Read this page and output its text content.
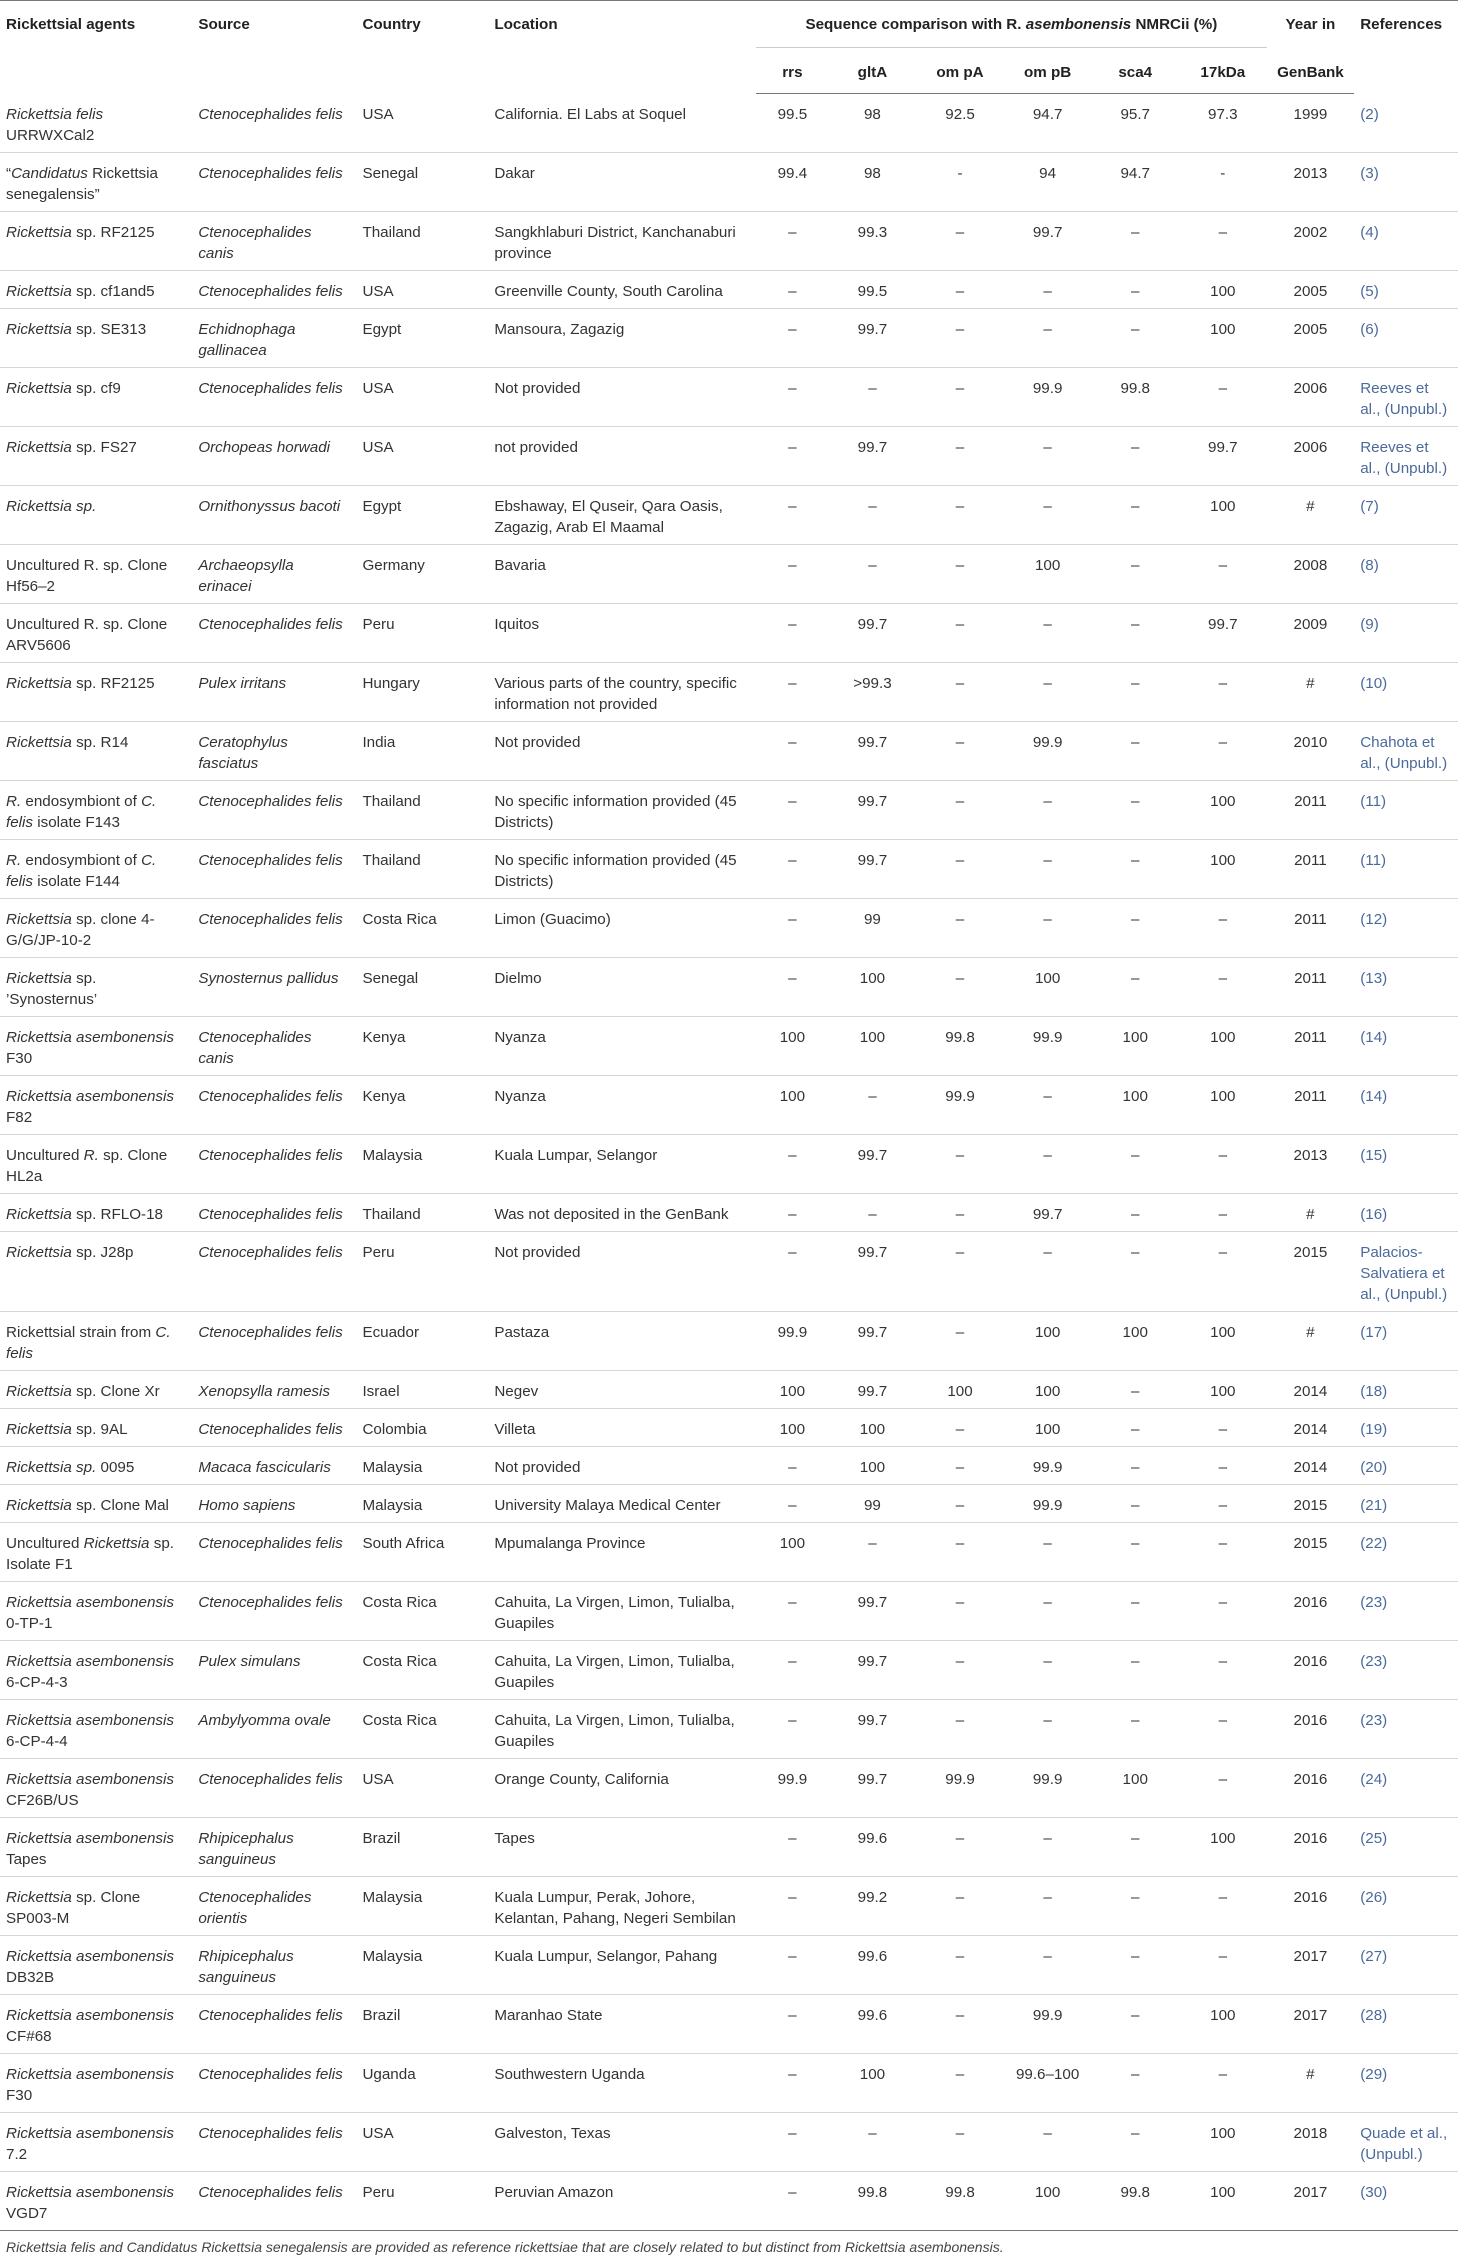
Rickettsial agents	Source	Country	Location	Sequence comparison with R. asembonensis NMRCii (%)						Year in	References
				rrs	gltA	om pA	om pB	sca4	17kDa	GenBank	
Rickettsia felis URRWXCal2	Ctenocephalides felis	USA	California. El Labs at Soquel	99.5	98	92.5	94.7	95.7	97.3	1999	(2)
“Candidatus Rickettsia senegalensis”	Ctenocephalides felis	Senegal	Dakar	99.4	98	-	94	94.7	-	2013	(3)
Rickettsia sp. RF2125	Ctenocephalides canis	Thailand	Sangkhlaburi District, Kanchanaburi province	–	99.3	–	99.7	–	–	2002	(4)
Rickettsia sp. cf1and5	Ctenocephalides felis	USA	Greenville County, South Carolina	–	99.5	–	–	–	100	2005	(5)
Rickettsia sp. SE313	Echidnophaga gallinacea	Egypt	Mansoura, Zagazig	–	99.7	–	–	–	100	2005	(6)
Rickettsia sp. cf9	Ctenocephalides felis	USA	Not provided	–	–	–	99.9	99.8	–	2006	Reeves et al., (Unpubl.)
Rickettsia sp. FS27	Orchopeas horwadi	USA	not provided	–	99.7	–	–	–	99.7	2006	Reeves et al., (Unpubl.)
Rickettsia sp.	Ornithonyssus bacoti	Egypt	Ebshaway, El Quseir, Qara Oasis, Zagazig, Arab El Maamal	–	–	–	–	–	100	#	(7)
Uncultured R. sp. Clone Hf56–2	Archaeopsylla erinacei	Germany	Bavaria	–	–	–	100	–	–	2008	(8)
Uncultured R. sp. Clone ARV5606	Ctenocephalides felis	Peru	Iquitos	–	99.7	–	–	–	99.7	2009	(9)
Rickettsia sp. RF2125	Pulex irritans	Hungary	Various parts of the country, specific information not provided	–	>99.3	–	–	–	–	#	(10)
Rickettsia sp. R14	Ceratophylus fasciatus	India	Not provided	–	99.7	–	99.9	–	–	2010	Chahota et al., (Unpubl.)
R. endosymbiont of C. felis isolate F143	Ctenocephalides felis	Thailand	No specific information provided (45 Districts)	–	99.7	–	–	–	100	2011	(11)
R. endosymbiont of C. felis isolate F144	Ctenocephalides felis	Thailand	No specific information provided (45 Districts)	–	99.7	–	–	–	100	2011	(11)
Rickettsia sp. clone 4-G/G/JP-10-2	Ctenocephalides felis	Costa Rica	Limon (Guacimo)	–	99	–	–	–	–	2011	(12)
Rickettsia sp. ’Synosternus’	Synosternus pallidus	Senegal	Dielmo	–	100	–	100	–	–	2011	(13)
Rickettsia asembonensis F30	Ctenocephalides canis	Kenya	Nyanza	100	100	99.8	99.9	100	100	2011	(14)
Rickettsia asembonensis F82	Ctenocephalides felis	Kenya	Nyanza	100	–	99.9	–	100	100	2011	(14)
Uncultured R. sp. Clone HL2a	Ctenocephalides felis	Malaysia	Kuala Lumpar, Selangor	–	99.7	–	–	–	–	2013	(15)
Rickettsia sp. RFLO-18	Ctenocephalides felis	Thailand	Was not deposited in the GenBank	–	–	–	99.7	–	–	#	(16)
Rickettsia sp. J28p	Ctenocephalides felis	Peru	Not provided	–	99.7	–	–	–	–	2015	Palacios-Salvatiera et al., (Unpubl.)
Rickettsial strain from C. felis	Ctenocephalides felis	Ecuador	Pastaza	99.9	99.7	–	100	100	100	#	(17)
Rickettsia sp. Clone Xr	Xenopsylla ramesis	Israel	Negev	100	99.7	100	100	–	100	2014	(18)
Rickettsia sp. 9AL	Ctenocephalides felis	Colombia	Villeta	100	100	–	100	–	–	2014	(19)
Rickettsia sp. 0095	Macaca fascicularis	Malaysia	Not provided	–	100	–	99.9	–	–	2014	(20)
Rickettsia sp. Clone Mal	Homo sapiens	Malaysia	University Malaya Medical Center	–	99	–	99.9	–	–	2015	(21)
Uncultured Rickettsia sp. Isolate F1	Ctenocephalides felis	South Africa	Mpumalanga Province	100	–	–	–	–	–	2015	(22)
Rickettsia asembonensis 0-TP-1	Ctenocephalides felis	Costa Rica	Cahuita, La Virgen, Limon, Tulialba, Guapiles	–	99.7	–	–	–	–	2016	(23)
Rickettsia asembonensis 6-CP-4-3	Pulex simulans	Costa Rica	Cahuita, La Virgen, Limon, Tulialba, Guapiles	–	99.7	–	–	–	–	2016	(23)
Rickettsia asembonensis 6-CP-4-4	Ambylyomma ovale	Costa Rica	Cahuita, La Virgen, Limon, Tulialba, Guapiles	–	99.7	–	–	–	–	2016	(23)
Rickettsia asembonensis CF26B/US	Ctenocephalides felis	USA	Orange County, California	99.9	99.7	99.9	99.9	100	–	2016	(24)
Rickettsia asembonensis Tapes	Rhipicephalus sanguineus	Brazil	Tapes	–	99.6	–	–	–	100	2016	(25)
Rickettsia sp. Clone SP003-M	Ctenocephalides orientis	Malaysia	Kuala Lumpur, Perak, Johore, Kelantan, Pahang, Negeri Sembilan	–	99.2	–	–	–	–	2016	(26)
Rickettsia asembonensis DB32B	Rhipicephalus sanguineus	Malaysia	Kuala Lumpur, Selangor, Pahang	–	99.6	–	–	–	–	2017	(27)
Rickettsia asembonensis CF#68	Ctenocephalides felis	Brazil	Maranhao State	–	99.6	–	99.9	–	100	2017	(28)
Rickettsia asembonensis F30	Ctenocephalides felis	Uganda	Southwestern Uganda	–	100	–	99.6–100	–	–	#	(29)
Rickettsia asembonensis 7.2	Ctenocephalides felis	USA	Galveston, Texas	–	–	–	–	–	100	2018	Quade et al., (Unpubl.)
Rickettsia asembonensis VGD7	Ctenocephalides felis	Peru	Peruvian Amazon	–	99.8	99.8	100	99.8	100	2017	(30)
Rickettsia felis and Candidatus Rickettsia senegalensis are provided as reference rickettsiae that are closely related to but distinct from Rickettsia asembonensis.
